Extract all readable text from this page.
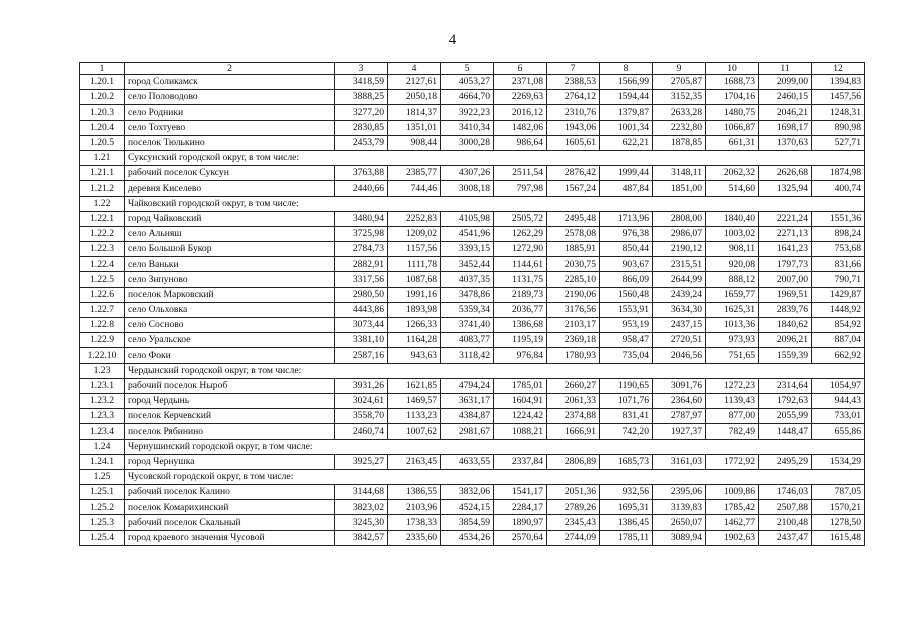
4
1	2	3	4	5	6	7	8	9	10	11	12
1.20.1	город Соликамск	3418,59	2127,61	4053,27	2371,08	2388,53	1566,99	2705,87	1688,73	2099,00	1394,83
1.20.2	село Половодово	3888,25	2050,18	4664,70	2269,63	2764,12	1594,44	3152,35	1704,16	2460,15	1457,56
1.20.3	село Родники	3277,20	1814,37	3922,23	2016,12	2310,76	1379,87	2633,28	1480,75	2046,21	1248,31
1.20.4	село Тохтуево	2830,85	1351,01	3410,34	1482,06	1943,06	1001,34	2232,80	1066,87	1698,17	890,98
1.20.5	поселок Тюлькино	2453,79	908,44	3000,28	986,64	1605,61	622,21	1878,85	661,31	1370,63	527,71
1.21	Суксунский городской округ, в том числе:										
1.21.1	рабочий поселок Суксун	3763,88	2385,77	4307,26	2511,54	2876,42	1999,44	3148,11	2062,32	2626,68	1874,98
1.21.2	деревня Киселево	2440,66	744,46	3008,18	797,98	1567,24	487,84	1851,00	514,60	1325,94	400,74
1.22	Чайковский городской округ, в том числе:										
1.22.1	город Чайковский	3480,94	2252,83	4105,98	2505,72	2495,48	1713,96	2808,00	1840,40	2221,24	1551,36
1.22.2	село Альняш	3725,98	1209,02	4541,96	1262,29	2578,08	976,38	2986,07	1003,02	2271,13	898,24
1.22.3	село Большой Букор	2784,73	1157,56	3393,15	1272,90	1885,91	850,44	2190,12	908,11	1641,23	753,68
1.22.4	село Ваньки	2882,91	1111,78	3452,44	1144,61	2030,75	903,67	2315,51	920,08	1797,73	831,66
1.22.5	село Зипуново	3317,56	1087,68	4037,35	1131,75	2285,10	866,09	2644,99	888,12	2007,00	790,71
1.22.6	поселок Марковский	2980,50	1991,16	3478,86	2189,73	2190,06	1560,48	2439,24	1659,77	1969,51	1429,87
1.22.7	село Ольховка	4443,86	1893,98	5359,34	2036,77	3176,56	1553,91	3634,30	1625,31	2839,76	1448,92
1.22.8	село Сосново	3073,44	1266,33	3741,40	1386,68	2103,17	953,19	2437,15	1013,36	1840,62	854,92
1.22.9	село Уральское	3381,10	1164,28	4083,77	1195,19	2369,18	958,47	2720,51	973,93	2096,21	887,04
1.22.10	село Фоки	2587,16	943,63	3118,42	976,84	1780,93	735,04	2046,56	751,65	1559,39	662,92
1.23	Чердынский городской округ, в том числе:										
1.23.1	рабочий поселок Ныроб	3931,26	1621,85	4794,24	1785,01	2660,27	1190,65	3091,76	1272,23	2314,64	1054,97
1.23.2	город Чердынь	3024,61	1469,57	3631,17	1604,91	2061,33	1071,76	2364,60	1139,43	1792,63	944,43
1.23.3	поселок Керчевский	3558,70	1133,23	4384,87	1224,42	2374,88	831,41	2787,97	877,00	2055,99	733,01
1.23.4	поселок Рябинино	2460,74	1007,62	2981,67	1088,21	1666,91	742,20	1927,37	782,49	1448,47	655,86
1.24	Чернушинский городской округ, в том числе:										
1.24.1	город Чернушка	3925,27	2163,45	4633,55	2337,84	2806,89	1685,73	3161,03	1772,92	2495,29	1534,29
1.25	Чусовской городской округ, в том числе:										
1.25.1	рабочий поселок Калино	3144,68	1386,55	3832,06	1541,17	2051,36	932,56	2395,06	1009,86	1746,03	787,05
1.25.2	поселок Комарихинский	3823,02	2103,96	4524,15	2284,17	2789,26	1695,31	3139,83	1785,42	2507,88	1570,21
1.25.3	рабочий поселок Скальный	3245,30	1738,33	3854,59	1890,97	2345,43	1386,45	2650,07	1462,77	2100,48	1278,50
1.25.4	город краевого значения Чусовой	3842,57	2335,60	4534,26	2570,64	2744,09	1785,11	3089,94	1902,63	2437,47	1615,48
